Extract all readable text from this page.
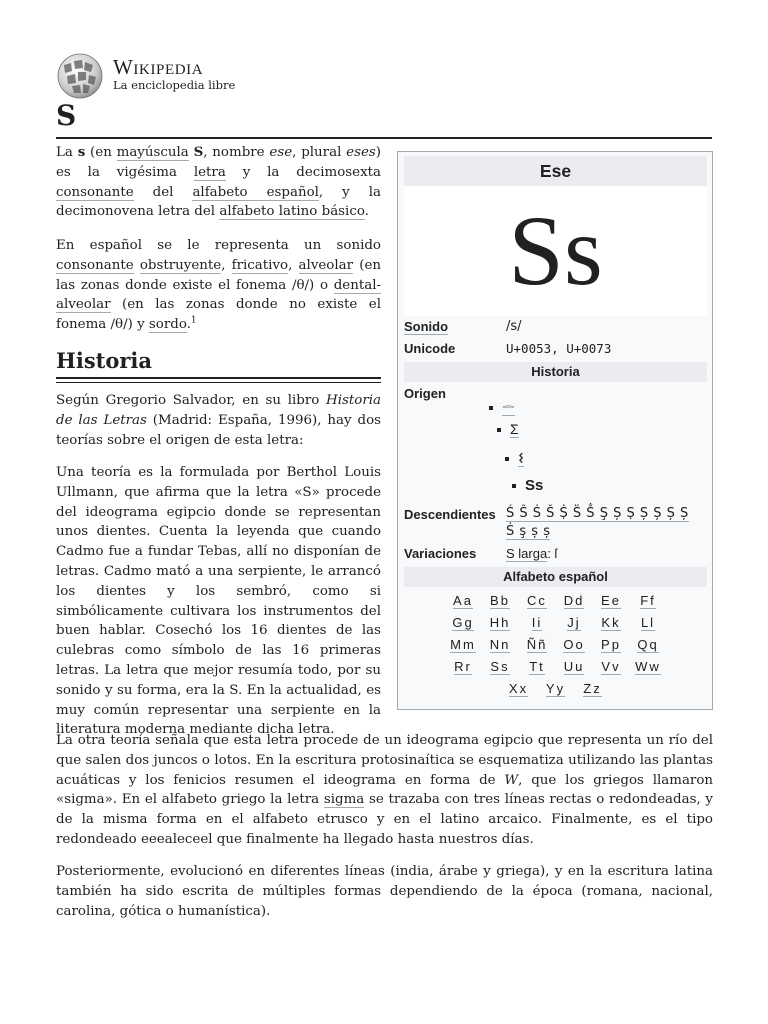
Wikipedia
La enciclopedia libre
S
La s (en mayúscula S, nombre ese, plural eses) es la vigésima letra y la decimosexta consonante del alfabeto español, y la decimonovena letra del alfabeto latino básico.
En español se le representa un sonido consonante obstruyente, fricativo, alveolar (en las zonas donde existe el fonema /θ/) o dental-alveolar (en las zonas donde no existe el fonema /θ/) y sordo.$^1$
Historia
Según Gregorio Salvador, en su libro Historia de las Letras (Madrid: España, 1996), hay dos teorías sobre el origen de esta letra:
Una teoría es la formulada por Berthol Louis Ullmann, que afirma que la letra «S» procede del ideograma egipcio donde se representan unos dientes. Cuenta la leyenda que cuando Cadmo fue a fundar Tebas, allí no disponían de letras. Cadmo mató a una serpiente, le arrancó los dientes y los sembró, como si simbólicamente cultivara los instrumentos del buen hablar. Cosechó los 16 dientes de las culebras como símbolo de las 16 primeras letras. La letra que mejor resumía todo, por su sonido y su forma, era la S. En la actualidad, es muy común representar una serpiente en la literatura moderna mediante dicha letra.
La otra teoría señala que esta letra procede de un ideograma egipcio que representa un río del que salen dos juncos o lotos. En la escritura protosinaítica se esquematiza utilizando las plantas acuáticas y los fenicios resumen el ideograma en forma de W, que los griegos llamaron «sigma». En el alfabeto griego la letra sigma se trazaba con tres líneas rectas o redondeadas, y de la misma forma en el alfabeto etrusco y en el latino arcaico. Finalmente, es el tipo redondeado eeealeceel que finalmente ha llegado hasta nuestros días.
Posteriormente, evolucionó en diferentes líneas (india, árabe y griega), y en la escritura latina también ha sido escrita de múltiples formas dependiendo de la época (romana, nacional, carolina, gótica o humanística).
Ese
Ss
Sonido	/s/
Unicode	U+0053, U+0073
Historia
Origen
𓌓
Σ
𐌔
Ss
Descendientes Ś Ŝ Ṡ Š Ṩ Ṥ Ṧ Ş Ș Ṣ Ș Ș Ș Ș
Ṡ ş ș ș
Variaciones S larga: ſ
Alfabeto español
Aa	Bb	Cc	Dd	Ee	Ff
Gg	Hh	Ii	Jj	Kk	Ll
Mm	Nn	Ññ	Oo	Pp	Qq
Rr	Ss	Tt	Uu	Vv	Ww
Xx	Yy	Zz
